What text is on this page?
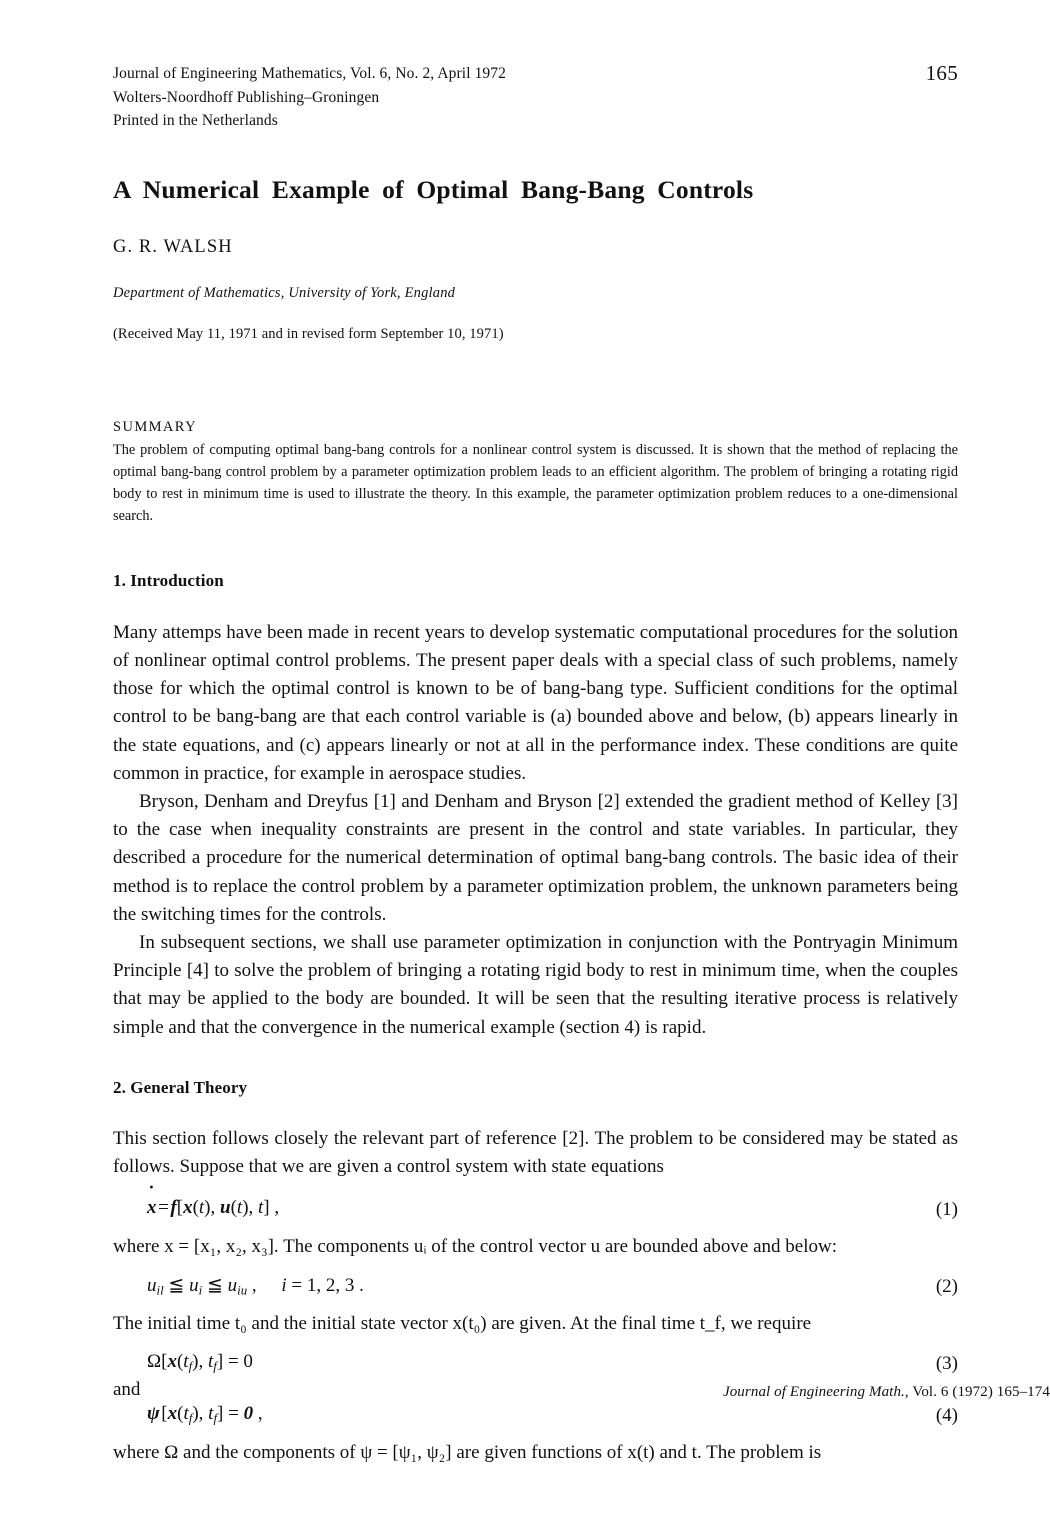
Journal of Engineering Mathematics, Vol. 6, No. 2, April 1972
Wolters-Noordhoff Publishing–Groningen
Printed in the Netherlands
165
A Numerical Example of Optimal Bang-Bang Controls
G. R. WALSH
Department of Mathematics, University of York, England
(Received May 11, 1971 and in revised form September 10, 1971)
SUMMARY
The problem of computing optimal bang-bang controls for a nonlinear control system is discussed. It is shown that the method of replacing the optimal bang-bang control problem by a parameter optimization problem leads to an efficient algorithm. The problem of bringing a rotating rigid body to rest in minimum time is used to illustrate the theory. In this example, the parameter optimization problem reduces to a one-dimensional search.
1. Introduction

Many attemps have been made in recent years to develop systematic computational procedures for the solution of nonlinear optimal control problems. The present paper deals with a special class of such problems, namely those for which the optimal control is known to be of bang-bang type. Sufficient conditions for the optimal control to be bang-bang are that each control variable is (a) bounded above and below, (b) appears linearly in the state equations, and (c) appears linearly or not at all in the performance index. These conditions are quite common in practice, for example in aerospace studies.

Bryson, Denham and Dreyfus [1] and Denham and Bryson [2] extended the gradient method of Kelley [3] to the case when inequality constraints are present in the control and state variables. In particular, they described a procedure for the numerical determination of optimal bang-bang controls. The basic idea of their method is to replace the control problem by a parameter optimization problem, the unknown parameters being the switching times for the controls.

In subsequent sections, we shall use parameter optimization in conjunction with the Pontryagin Minimum Principle [4] to solve the problem of bringing a rotating rigid body to rest in minimum time, when the couples that may be applied to the body are bounded. It will be seen that the resulting iterative process is relatively simple and that the convergence in the numerical example (section 4) is rapid.

2. General Theory

This section follows closely the relevant part of reference [2]. The problem to be considered may be stated as follows. Suppose that we are given a control system with state equations

x ˙ = f[x(t), u(t), t] ,	(1)

where x = [x₁, x₂, x₃]. The components uᵢ of the control vector u are bounded above and below:

$u_{il}$ ≦ $u_i$ ≦ $u_{iu}$ , i = 1, 2, 3 .	(2)

The initial time t₀ and the initial state vector x(t₀) are given. At the final time t_f, we require

$\Omega[x(t_f)$, $t_f] = 0$	(3)

and

ψ [$x(t_f)$, $t_f] = 0$ ,	(4)

where Ω and the components of ψ = [ψ₁, ψ₂] are given functions of x(t) and t. The problem is

Journal of Engineering Math., Vol. 6 (1972) 165–174
